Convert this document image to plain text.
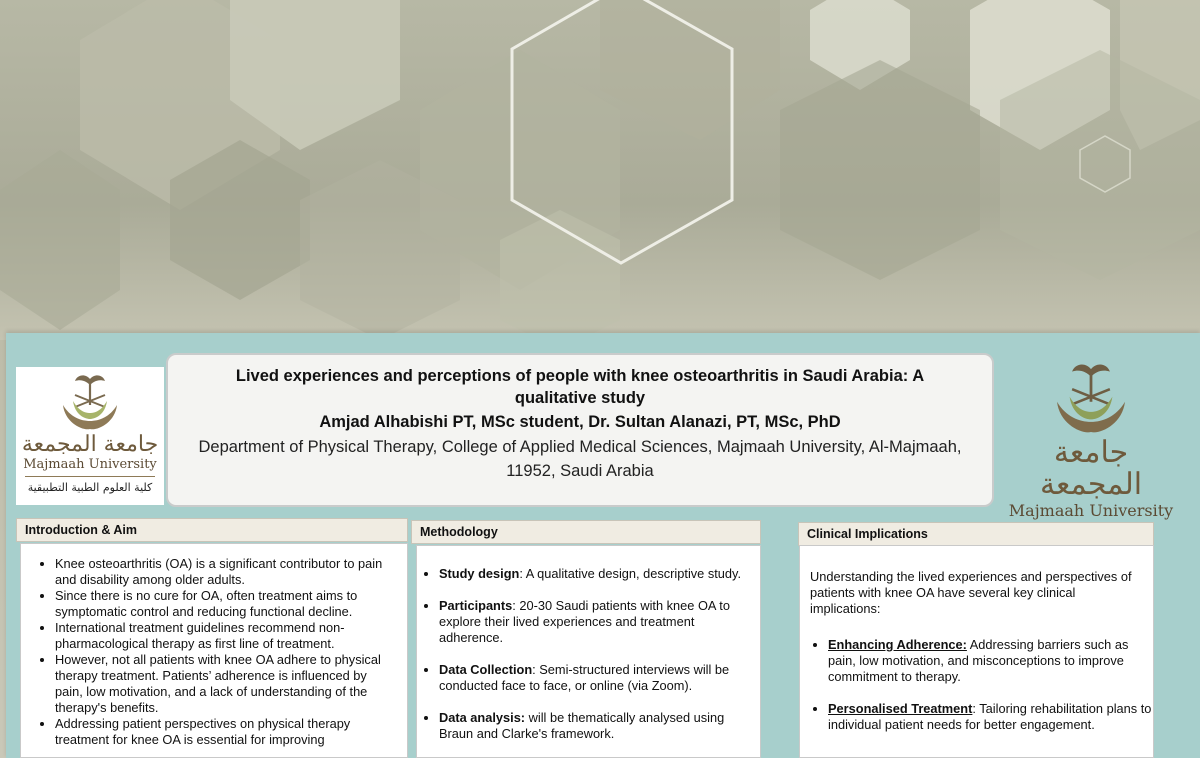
جامعة المجمعة
Majmaah University
كلية العلوم الطبية التطبيقية
Lived experiences and perceptions of people with knee osteoarthritis in Saudi Arabia: A
qualitative study
Amjad Alhabishi PT, MSc student, Dr. Sultan Alanazi, PT, MSc, PhD
Department of Physical Therapy, College of Applied Medical Sciences, Majmaah University, Al-Majmaah, 11952, Saudi Arabia
جامعة المجمعة
Majmaah University
Introduction & Aim
• Knee osteoarthritis (OA) is a significant contributor to pain and disability among older adults.
• Since there is no cure for OA, often treatment aims to symptomatic control and reducing functional decline.
• International treatment guidelines recommend non-pharmacological therapy as first line of treatment.
• However, not all patients with knee OA adhere to physical therapy treatment. Patients’ adherence is influenced by pain, low motivation, and a lack of understanding of the therapy's benefits.
• Addressing patient perspectives on physical therapy treatment for knee OA is essential for improving
Methodology
• Study design: A qualitative design, descriptive study.
• Participants: 20-30 Saudi patients with knee OA to explore their lived experiences and treatment adherence.
• Data Collection: Semi-structured interviews will be conducted face to face, or online (via Zoom).
• Data analysis: will be thematically analysed using Braun and Clarke's framework.
Clinical Implications
Understanding the lived experiences and perspectives of patients with knee OA have several key clinical implications:
• Enhancing Adherence: Addressing barriers such as pain, low motivation, and misconceptions to improve commitment to therapy.
• Personalised Treatment: Tailoring rehabilitation plans to individual patient needs for better engagement.
